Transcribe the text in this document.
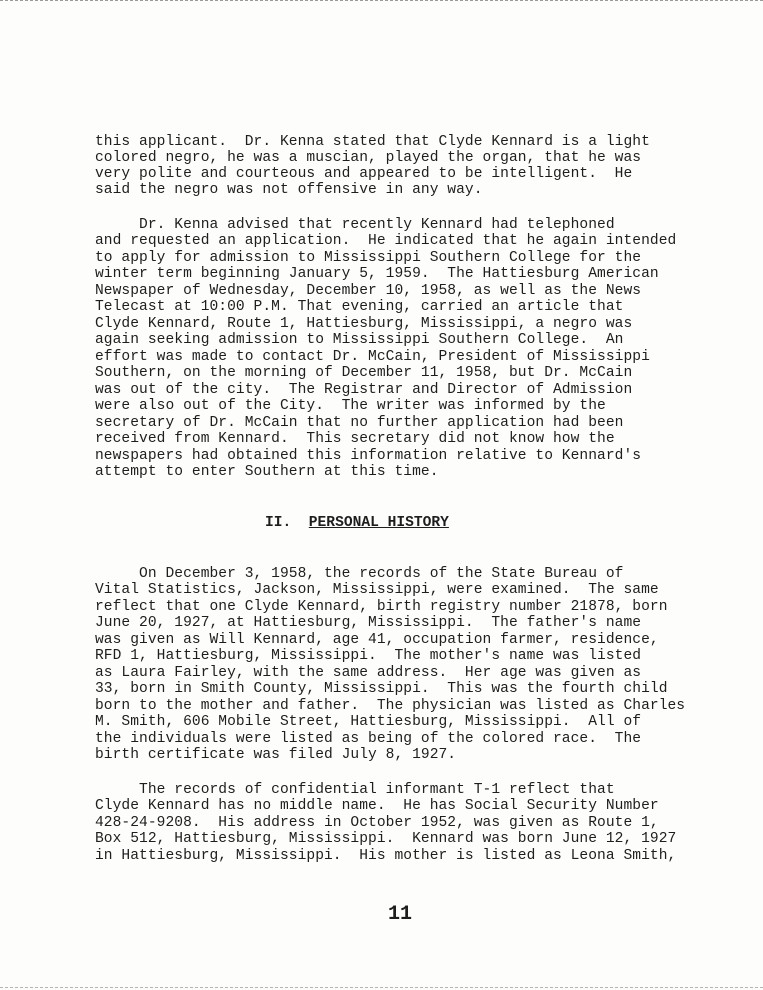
this applicant.  Dr. Kenna stated that Clyde Kennard is a light
colored negro, he was a muscian, played the organ, that he was
very polite and courteous and appeared to be intelligent.  He
said the negro was not offensive in any way.
Dr. Kenna advised that recently Kennard had telephoned
and requested an application.  He indicated that he again intended
to apply for admission to Mississippi Southern College for the
winter term beginning January 5, 1959.  The Hattiesburg American
Newspaper of Wednesday, December 10, 1958, as well as the News
Telecast at 10:00 P.M. That evening, carried an article that
Clyde Kennard, Route 1, Hattiesburg, Mississippi, a negro was
again seeking admission to Mississippi Southern College.  An
effort was made to contact Dr. McCain, President of Mississippi
Southern, on the morning of December 11, 1958, but Dr. McCain
was out of the city.  The Registrar and Director of Admission
were also out of the City.  The writer was informed by the
secretary of Dr. McCain that no further application had been
received from Kennard.  This secretary did not know how the
newspapers had obtained this information relative to Kennard's
attempt to enter Southern at this time.
II. PERSONAL HISTORY
On December 3, 1958, the records of the State Bureau of
Vital Statistics, Jackson, Mississippi, were examined.  The same
reflect that one Clyde Kennard, birth registry number 21878, born
June 20, 1927, at Hattiesburg, Mississippi.  The father's name
was given as Will Kennard, age 41, occupation farmer, residence,
RFD 1, Hattiesburg, Mississippi.  The mother's name was listed
as Laura Fairley, with the same address.  Her age was given as
33, born in Smith County, Mississippi.  This was the fourth child
born to the mother and father.  The physician was listed as Charles
M. Smith, 606 Mobile Street, Hattiesburg, Mississippi.  All of
the individuals were listed as being of the colored race.  The
birth certificate was filed July 8, 1927.
The records of confidential informant T-1 reflect that
Clyde Kennard has no middle name.  He has Social Security Number
428-24-9208.  His address in October 1952, was given as Route 1,
Box 512, Hattiesburg, Mississippi.  Kennard was born June 12, 1927
in Hattiesburg, Mississippi.  His mother is listed as Leona Smith,
11
